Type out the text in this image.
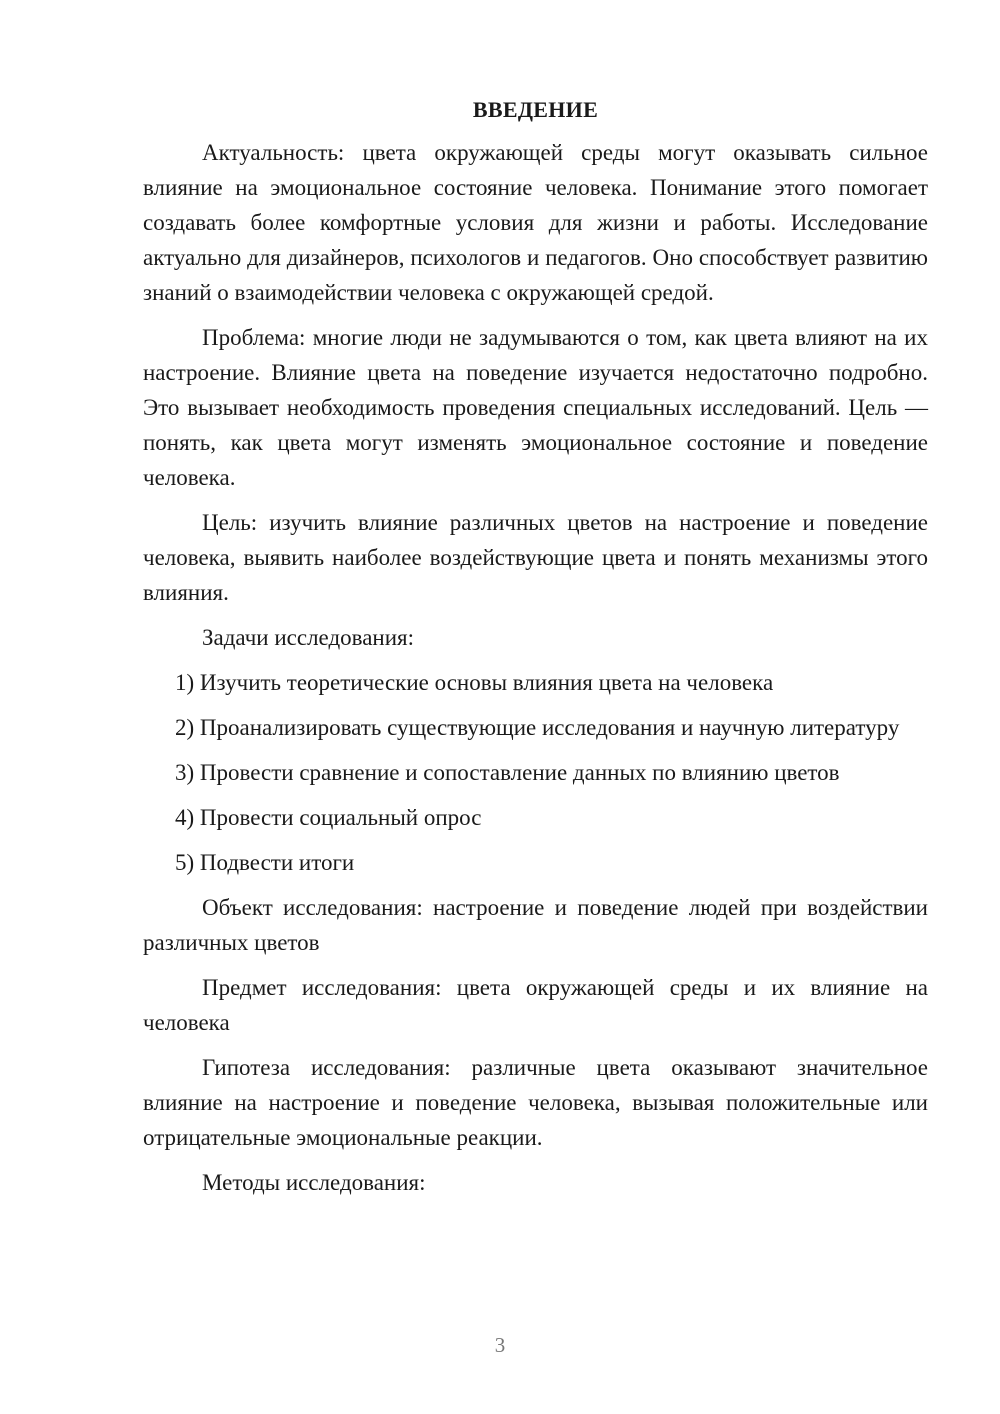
ВВЕДЕНИЕ

Актуальность: цвета окружающей среды могут оказывать сильное влияние на эмоциональное состояние человека. Понимание этого помогает создавать более комфортные условия для жизни и работы. Исследование актуально для дизайнеров, психологов и педагогов. Оно способствует развитию знаний о взаимодействии человека с окружающей средой.

Проблема: многие люди не задумываются о том, как цвета влияют на их настроение. Влияние цвета на поведение изучается недостаточно подробно. Это вызывает необходимость проведения специальных исследований. Цель — понять, как цвета могут изменять эмоциональное состояние и поведение человека.

Цель: изучить влияние различных цветов на настроение и поведение человека, выявить наиболее воздействующие цвета и понять механизмы этого влияния.

Задачи исследования:

1) Изучить теоретические основы влияния цвета на человека

2) Проанализировать существующие исследования и научную литературу

3) Провести сравнение и сопоставление данных по влиянию цветов

4) Провести социальный опрос

5) Подвести итоги

Объект исследования: настроение и поведение людей при воздействии различных цветов

Предмет исследования: цвета окружающей среды и их влияние на человека

Гипотеза исследования: различные цвета оказывают значительное влияние на настроение и поведение человека, вызывая положительные или отрицательные эмоциональные реакции.

Методы исследования:

3
